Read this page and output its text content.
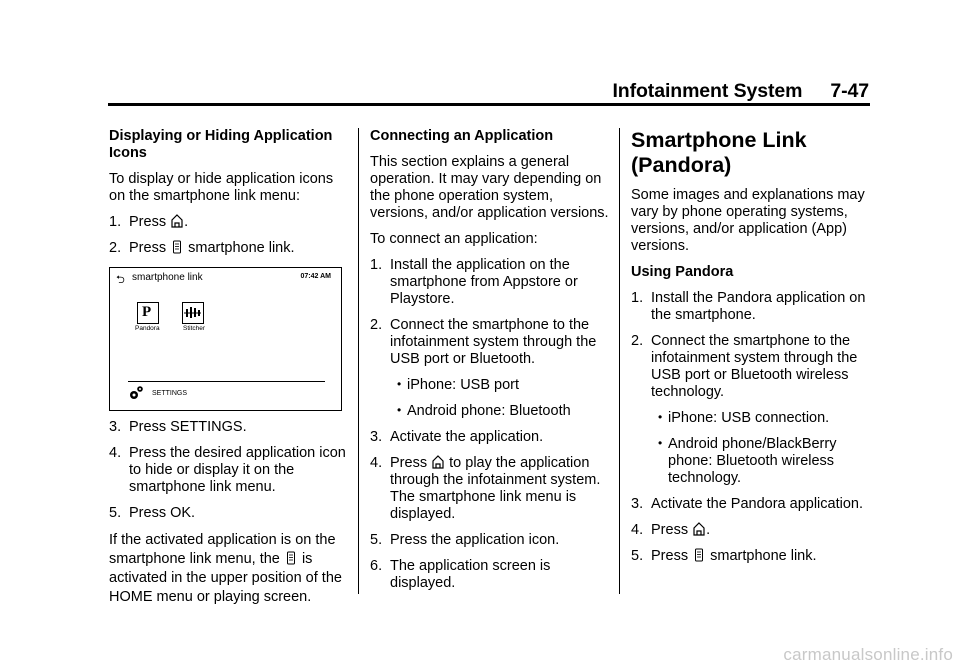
Infotainment System 7-47

Displaying or Hiding Application Icons

To display or hide application icons on the smartphone link menu:

1. Press .
2. Press smartphone link.
⮌ smartphone link	07:42 AM
P
Pandora	Stitcher
SETTINGS
3. Press SETTINGS.
4. Press the desired application icon to hide or display it on the smartphone link menu.
5. Press OK.

If the activated application is on the smartphone link menu, the is activated in the upper position of the HOME menu or playing screen.

Connecting an Application

This section explains a general operation. It may vary depending on the phone operation system, versions, and/or application versions.

To connect an application:

1. Install the application on the smartphone from Appstore or Playstore.
2. Connect the smartphone to the infotainment system through the USB port or Bluetooth.
• iPhone: USB port
• Android phone: Bluetooth
3. Activate the application.
4. Press to play the application through the infotainment system. The smartphone link menu is displayed.
5. Press the application icon.
6. The application screen is displayed.

Smartphone Link (Pandora)

Some images and explanations may vary by phone operating systems, versions, and/or application (App) versions.

Using Pandora

1. Install the Pandora application on the smartphone.
2. Connect the smartphone to the infotainment system through the USB port or Bluetooth wireless technology.
• iPhone: USB connection.
• Android phone/BlackBerry phone: Bluetooth wireless technology.
3. Activate the Pandora application.
4. Press .
5. Press smartphone link.
carmanualsonline.info
